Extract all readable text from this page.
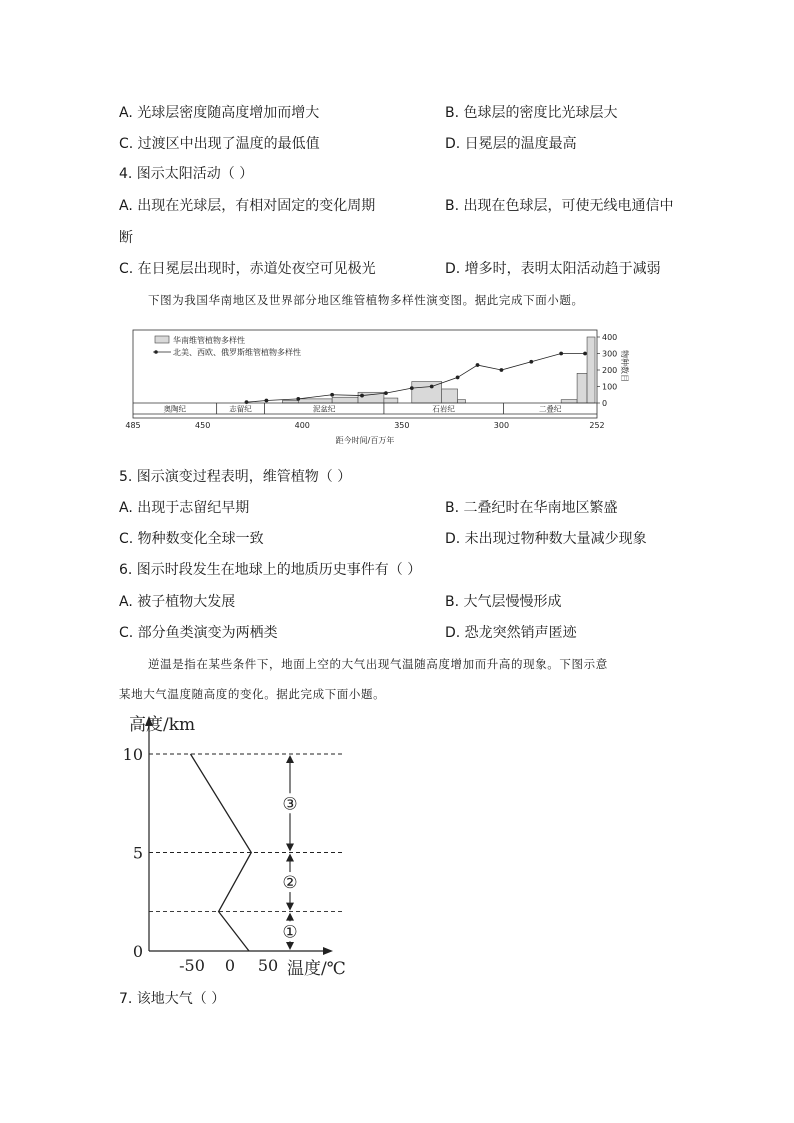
A. 光球层密度随高度增加而增大	B. 色球层的密度比光球层大
C. 过渡区中出现了温度的最低值	D. 日冕层的温度最高
4. 图示太阳活动（ ）
A. 出现在光球层，有相对固定的变化周期	B. 出现在色球层，可使无线电通信中
断
C. 在日冕层出现时，赤道处夜空可见极光	D. 增多时，表明太阳活动趋于减弱
下图为我国华南地区及世界部分地区维管植物多样性演变图。据此完成下面小题。
奥陶纪	志留纪	泥盆纪	石岩纪	二叠纪
485	450	400	350	300	252
华南维管植物多样性
北美、西欧、俄罗斯维管植物多样性
400
300
200
100
0
物种数目
距今时间/百万年
5. 图示演变过程表明，维管植物（ ）
A. 出现于志留纪早期	B. 二叠纪时在华南地区繁盛
C. 物种数变化全球一致	D. 未出现过物种数大量减少现象
6. 图示时段发生在地球上的地质历史事件有（ ）
A. 被子植物大发展	B. 大气层慢慢形成
C. 部分鱼类演变为两栖类	D. 恐龙突然销声匿迹
逆温是指在某些条件下，地面上空的大气出现气温随高度增加而升高的现象。下图示意
某地大气温度随高度的变化。据此完成下面小题。
0
5
10
-50 0 50
③
②
①
高度/km
温度/℃
7. 该地大气（ ）
